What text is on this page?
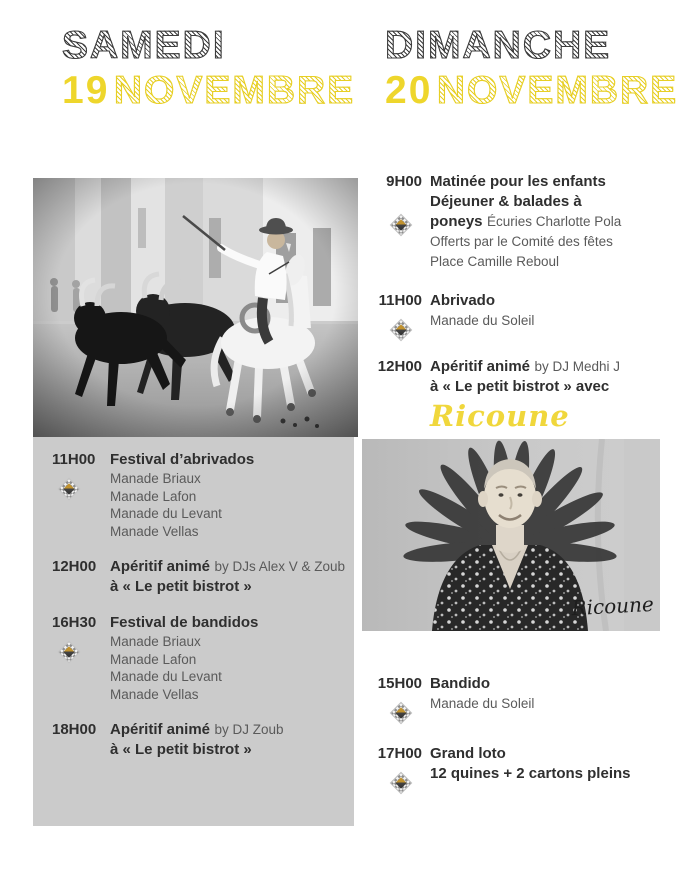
SAMEDI
19 NOVEMBRE
DIMANCHE
20 NOVEMBRE
11H00 Festival d’abrivados
Manade Briaux
Manade Lafon
Manade du Levant
Manade Vellas
12H00 Apéritif animé by DJs Alex V & Zoub
à « Le petit bistrot »
16H30 Festival de bandidos
Manade Briaux
Manade Lafon
Manade du Levant
Manade Vellas
18H00 Apéritif animé by DJ Zoub
à « Le petit bistrot »
9H00 Matinée pour les enfants
Déjeuner & balades à
poneys Écuries Charlotte Pola
Offerts par le Comité des fêtes
Place Camille Reboul
11H00 Abrivado
Manade du Soleil
12H00 Apéritif animé by DJ Medhi J
à « Le petit bistrot » avec
Ricoune
Ricoune
15H00 Bandido
Manade du Soleil
17H00 Grand loto
12 quines + 2 cartons pleins
